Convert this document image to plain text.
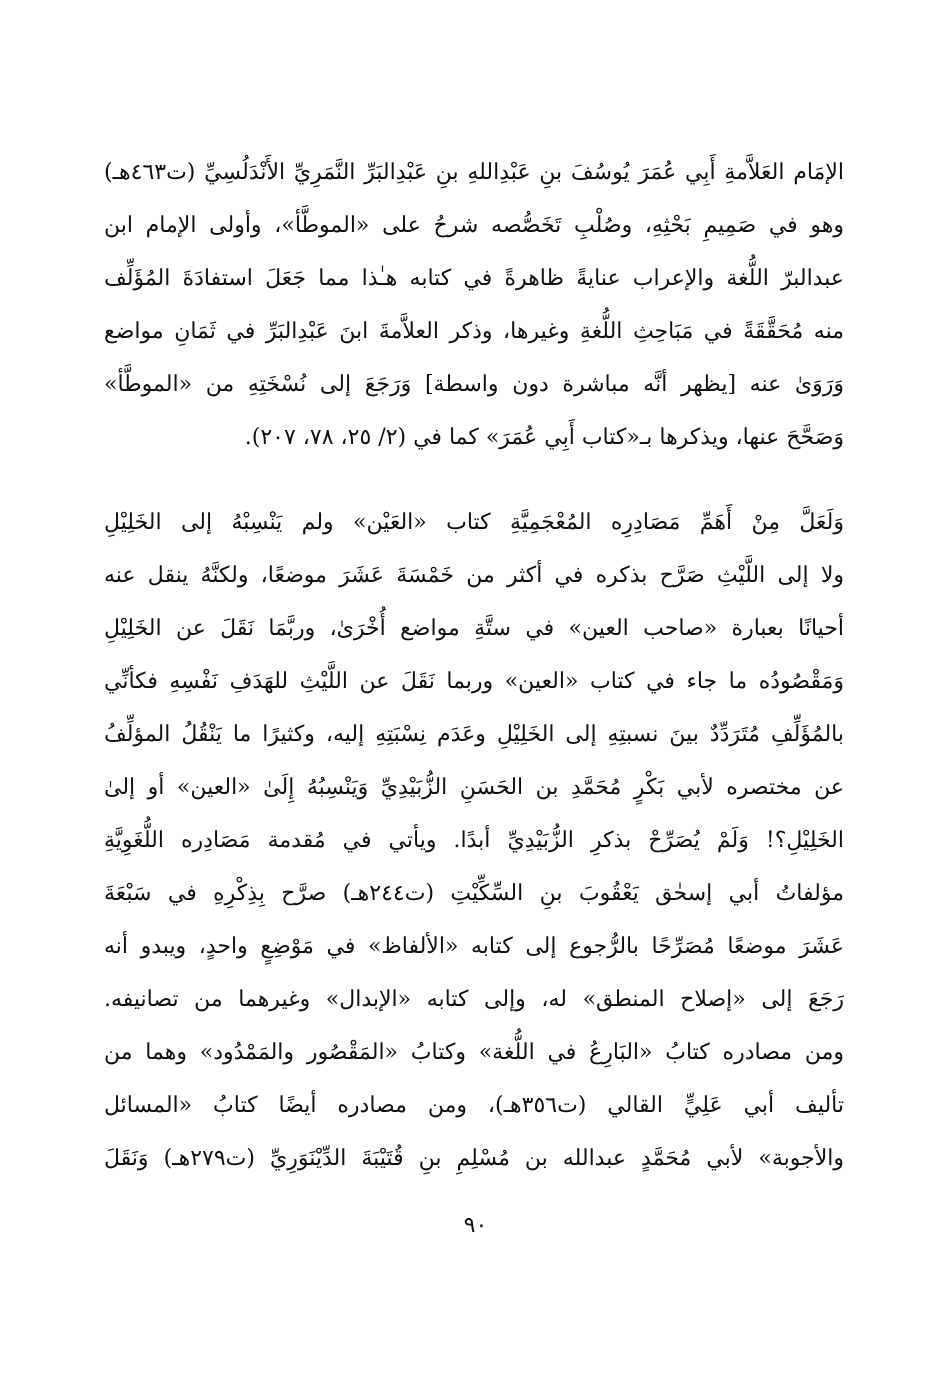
الإمَام العَلاَّمةِ أَبِي عُمَرَ يُوسُفَ بنِ عَبْدِاللهِ بنِ عَبْدِالبَرِّ النَّمَرِيِّ الأَنْدَلُسِيِّ (ت٤٦٣هـ)
وهو في صَمِيمِ بَحْثِهِ، وصُلْبِ تَخَصُّصه شرحُ على «الموطَّأ»، وأولى الإمام ابن
عبدالبرّ اللُّغة والإعراب عنايةً ظاهرةً في كتابه هـٰذا مما جَعَلَ استفادَةَ المُؤَلِّف
منه مُحَقَّقَةً في مَبَاحِثِ اللُّغةِ وغيرها، وذكر العلاَّمةَ ابنَ عَبْدِالبَرِّ في ثَمَانِ مواضع
وَرَوَىٰ عنه [يظهر أنَّه مباشرة دون واسطة] وَرَجَعَ إلى نُسْخَتِهِ من «الموطَّأ»
وَصَحَّحَ عنها، ويذكرها بـ«كتاب أَبِي عُمَرَ» كما في (٢/ ٢٥، ٧٨، ٢٠٧).
وَلَعَلَّ مِنْ أَهَمِّ مَصَادِرِه المُعْجَمِيَّةِ كتاب «العَيْن» ولم يَنْسِبْهُ إلى الخَلِيْلِ
ولا إلى اللَّيْثِ صَرَّح بذكره في أكثر من خَمْسَةَ عَشَرَ موضعًا، ولكنَّهُ ينقل عنه
أحيانًا بعبارة «صاحب العين» في ستَّةِ مواضع أُخْرَىٰ، وربَّمَا نَقَلَ عن الخَلِيْلِ
وَمَقْصُودُه ما جاء في كتاب «العين» وربما نَقَلَ عن اللَّيْثِ للهَدَفِ نَفْسِهِ فكأنِّي
بالمُؤَلِّفِ مُتَرَدِّدٌ بينَ نسبتِهِ إلى الخَلِيْلِ وعَدَم نِسْبَتِهِ إليه، وكثيرًا ما يَنْقُلُ المؤلِّفُ
عن مختصره لأبي بَكْرٍ مُحَمَّدِ بن الحَسَنِ الزُّبَيْدِيِّ وَيَنْسِبُهُ إِلَىٰ «العين» أو إلىٰ
الخَلِيْلِ؟! وَلَمْ يُصَرِّحْ بذكرِ الزُّبَيْدِيِّ أبدًا. ويأتي في مُقدمة مَصَادِره اللُّغَوِيَّةِ
مؤلفاتُ أبي إسحٰق يَعْقُوبَ بنِ السِّكِّيْتِ (ت٢٤٤هـ) صرَّح بِذِكْرِهِ في سَبْعَةَ
عَشَرَ موضعًا مُصَرِّحًا بالرُّجوع إلى كتابه «الألفاظ» في مَوْضِعٍ واحدٍ، ويبدو أنه
رَجَعَ إلى «إصلاح المنطق» له، وإلى كتابه «الإبدال» وغيرهما من تصانيفه.
ومن مصادره كتابُ «البَارِعُ في اللُّغة» وكتابُ «المَقْصُور والمَمْدُود» وهما من
تأليف أبي عَلِيٍّ القالي (ت٣٥٦هـ)، ومن مصادره أيضًا كتابُ «المسائل
والأجوبة» لأبي مُحَمَّدٍ عبدالله بن مُسْلِمِ بنِ قُتَيْبَةَ الدِّيْنَوَرِيِّ (ت٢٧٩هـ) وَنَقَلَ
٩٠
